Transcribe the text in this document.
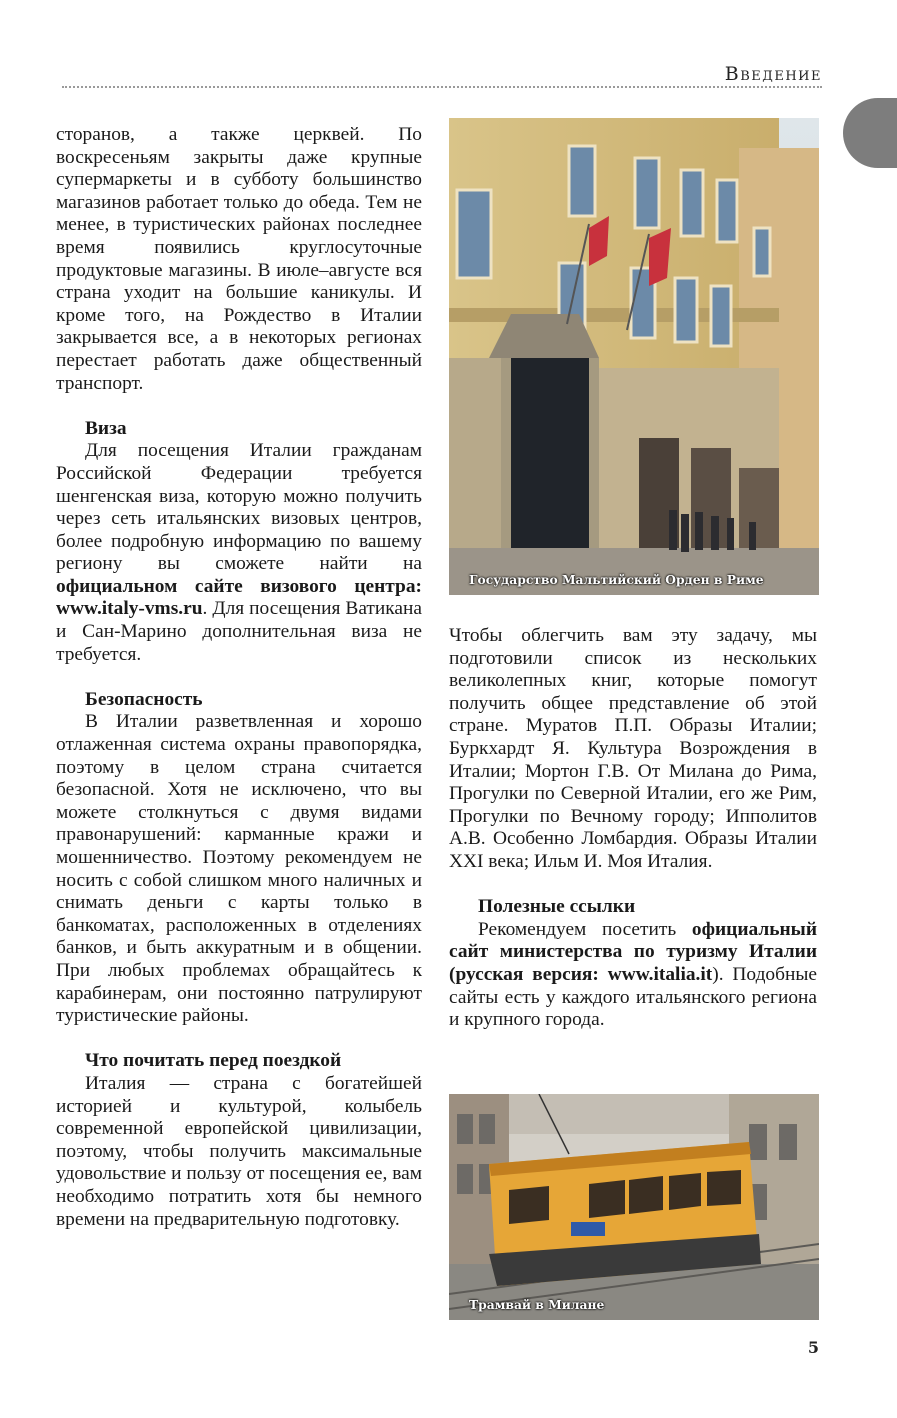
Введение

сторанов, а также церквей. По воскресеньям закрыты даже крупные супермаркеты и в субботу большинство магазинов работает только до обеда. Тем не менее, в туристических районах последнее время появились круглосуточные продуктовые магазины. В июле–августе вся страна уходит на большие каникулы. И кроме того, на Рождество в Италии закрывается все, а в некоторых регионах перестает работать даже общественный транспорт.

Виза

Для посещения Италии гражданам Российской Федерации требуется шенгенская виза, которую можно получить через сеть итальянских визовых центров, более подробную информацию по вашему региону вы сможете найти на официальном сайте визового центра: www.italy-vms.ru. Для посещения Ватикана и Сан-Марино дополнительная виза не требуется.

Безопасность

В Италии разветвленная и хорошо отлаженная система охраны правопорядка, поэтому в целом страна считается безопасной. Хотя не исключено, что вы можете столкнуться с двумя видами правонарушений: карманные кражи и мошенничество. Поэтому рекомендуем не носить с собой слишком много наличных и снимать деньги с карты только в банкоматах, расположенных в отделениях банков, и быть аккуратным и в общении. При любых проблемах обращайтесь к карабинерам, они постоянно патрулируют туристические районы.

Что почитать перед поездкой

Италия — страна с богатейшей историей и культурой, колыбель современной европейской цивилизации, поэтому, чтобы получить максимальные удовольствие и пользу от посещения ее, вам необходимо потратить хотя бы немного времени на предварительную подготовку.

Государство Мальтийский Орден в Риме

Чтобы облегчить вам эту задачу, мы подготовили список из нескольких великолепных книг, которые помогут получить общее представление об этой стране. Муратов П.П. Образы Италии; Буркхардт Я. Культура Возрождения в Италии; Мортон Г.В. От Милана до Рима, Прогулки по Северной Италии, его же Рим, Прогулки по Вечному городу; Ипполитов А.В. Особенно Ломбардия. Образы Италии XXI века; Ильм И. Моя Италия.

Полезные ссылки

Рекомендуем посетить официальный сайт министерства по туризму Италии (русская версия: www.italia.it). Подобные сайты есть у каждого итальянского региона и крупного города.

Трамвай в Милане
5
